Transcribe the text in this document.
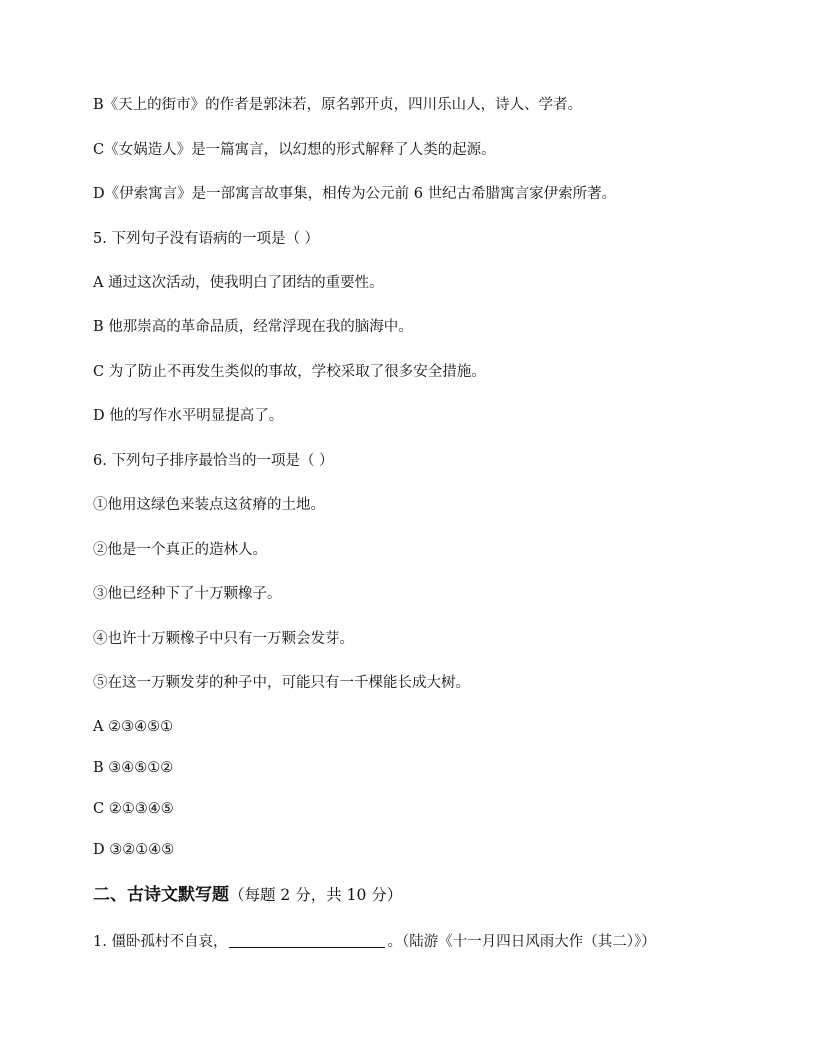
B《天上的街市》的作者是郭沫若，原名郭开贞，四川乐山人，诗人、学者。
C《女娲造人》是一篇寓言，以幻想的形式解释了人类的起源。
D《伊索寓言》是一部寓言故事集，相传为公元前 6 世纪古希腊寓言家伊索所著。
5. 下列句子没有语病的一项是（ ）
A 通过这次活动，使我明白了团结的重要性。
B 他那崇高的革命品质，经常浮现在我的脑海中。
C 为了防止不再发生类似的事故，学校采取了很多安全措施。
D 他的写作水平明显提高了。
6. 下列句子排序最恰当的一项是（ ）
①他用这绿色来装点这贫瘠的土地。
②他是一个真正的造林人。
③他已经种下了十万颗橡子。
④也许十万颗橡子中只有一万颗会发芽。
⑤在这一万颗发芽的种子中，可能只有一千棵能长成大树。
A ②③④⑤①
B ③④⑤①②
C ②①③④⑤
D ③②①④⑤
二、古诗文默写题（每题 2 分，共 10 分）
1. 僵卧孤村不自哀，	。（陆游《十一月四日风雨大作（其二）》）
